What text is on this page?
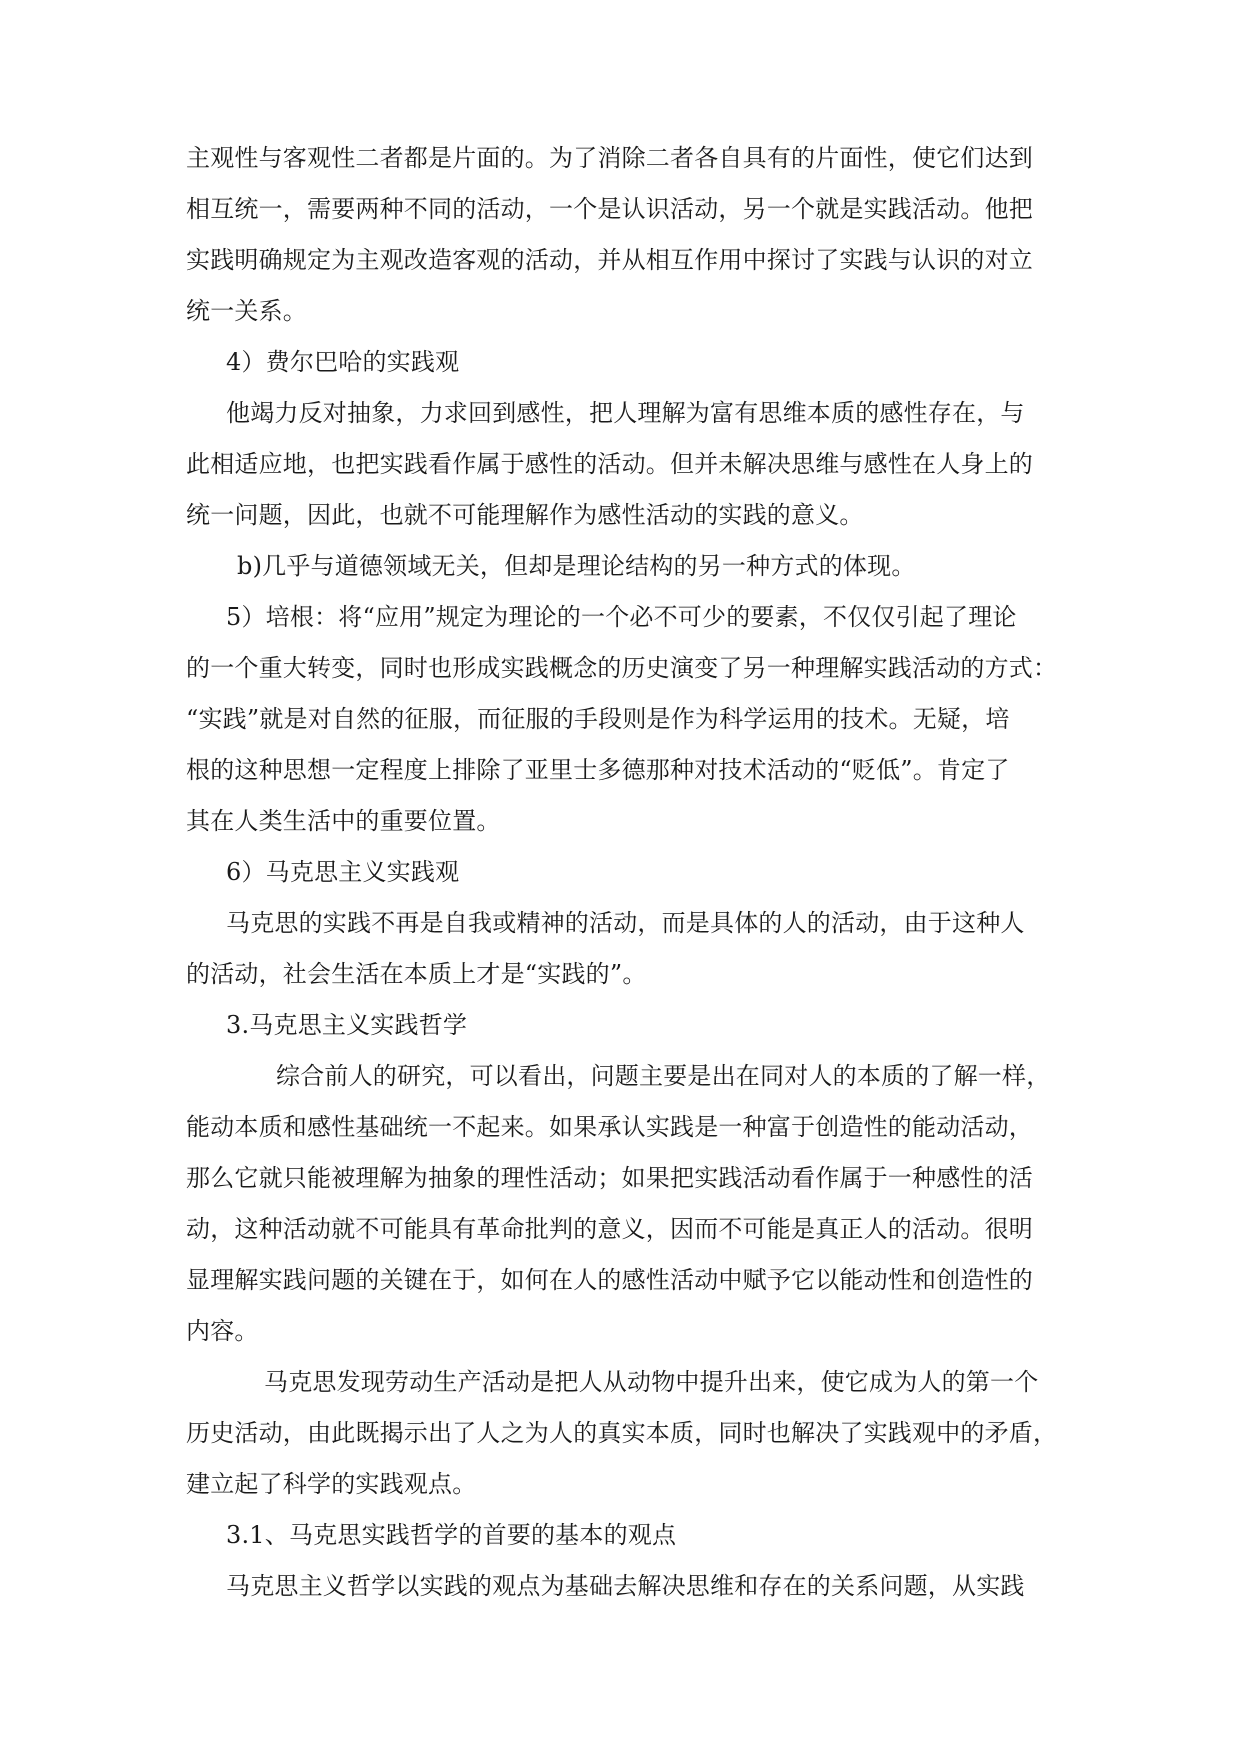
主观性与客观性二者都是片面的。为了消除二者各自具有的片面性，使它们达到
相互统一，需要两种不同的活动，一个是认识活动，另一个就是实践活动。他把
实践明确规定为主观改造客观的活动，并从相互作用中探讨了实践与认识的对立
统一关系。
4）费尔巴哈的实践观
他竭力反对抽象，力求回到感性，把人理解为富有思维本质的感性存在，与
此相适应地，也把实践看作属于感性的活动。但并未解决思维与感性在人身上的
统一问题，因此，也就不可能理解作为感性活动的实践的意义。
b)几乎与道德领域无关，但却是理论结构的另一种方式的体现。
5）培根：将“应用”规定为理论的一个必不可少的要素，不仅仅引起了理论
的一个重大转变，同时也形成实践概念的历史演变了另一种理解实践活动的方式：
“实践”就是对自然的征服，而征服的手段则是作为科学运用的技术。无疑，培
根的这种思想一定程度上排除了亚里士多德那种对技术活动的“贬低”。肯定了
其在人类生活中的重要位置。
6）马克思主义实践观
马克思的实践不再是自我或精神的活动，而是具体的人的活动，由于这种人
的活动，社会生活在本质上才是“实践的”。
3.马克思主义实践哲学
综合前人的研究，可以看出，问题主要是出在同对人的本质的了解一样，
能动本质和感性基础统一不起来。如果承认实践是一种富于创造性的能动活动，
那么它就只能被理解为抽象的理性活动；如果把实践活动看作属于一种感性的活
动，这种活动就不可能具有革命批判的意义，因而不可能是真正人的活动。很明
显理解实践问题的关键在于，如何在人的感性活动中赋予它以能动性和创造性的
内容。
马克思发现劳动生产活动是把人从动物中提升出来，使它成为人的第一个
历史活动，由此既揭示出了人之为人的真实本质，同时也解决了实践观中的矛盾，
建立起了科学的实践观点。
3.1、马克思实践哲学的首要的基本的观点
马克思主义哲学以实践的观点为基础去解决思维和存在的关系问题，从实践
